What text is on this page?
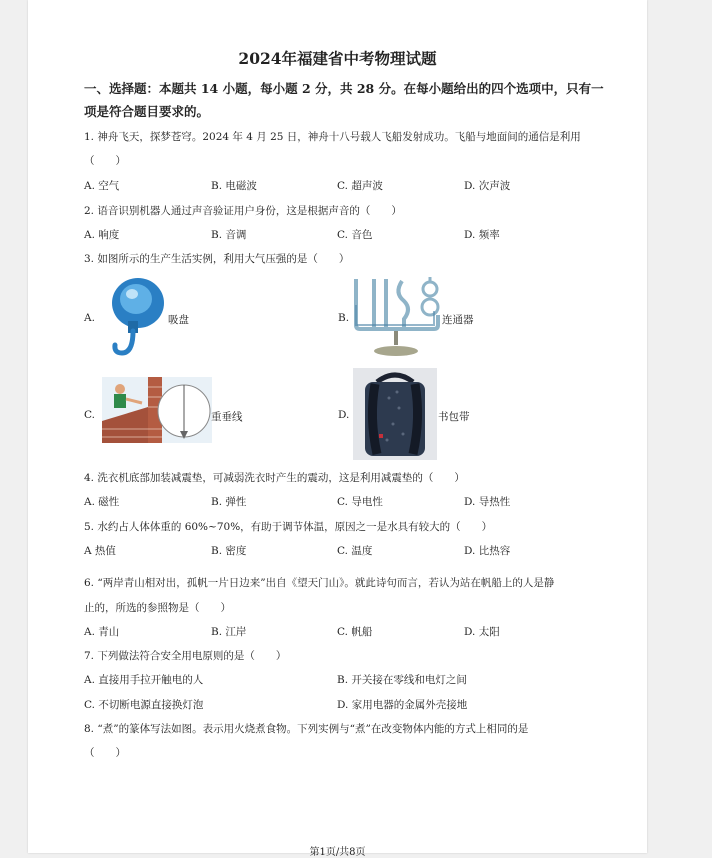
2024年福建省中考物理试题
一、选择题：本题共 14 小题，每小题 2 分，共 28 分。在每小题给出的四个选项中，只有一
项是符合题目要求的。
1. 神舟飞天，探梦苍穹。2024 年 4 月 25 日，神舟十八号载人飞船发射成功。飞船与地面间的通信是利用
（　　）
A. 空气	B. 电磁波	C. 超声波	D. 次声波
2. 语音识别机器人通过声音验证用户身份，这是根据声音的（　　）
A. 响度	B. 音调	C. 音色	D. 频率
3. 如图所示的生产生活实例，利用大气压强的是（　　）
A.	吸盘	B.	连通器
C.	重垂线	D.	书包带
4. 洗衣机底部加装减震垫，可减弱洗衣时产生的震动，这是利用减震垫的（　　）
A. 磁性	B. 弹性	C. 导电性	D. 导热性
5. 水约占人体体重的 60%~70%，有助于调节体温，原因之一是水具有较大的（　　）
A 热值	B. 密度	C. 温度	D. 比热容
6. “两岸青山相对出，孤帆一片日边来”出自《望天门山》。就此诗句而言，若认为站在帆船上的人是静
止的，所选的参照物是（　　）
A. 青山	B. 江岸	C. 帆船	D. 太阳
7. 下列做法符合安全用电原则的是（　　）
A. 直接用手拉开触电的人	B. 开关接在零线和电灯之间
C. 不切断电源直接换灯泡	D. 家用电器的金属外壳接地
8. “煮”的篆体写法如图。表示用火烧煮食物。下列实例与“煮”在改变物体内能的方式上相同的是
（　　）
第1页/共8页
